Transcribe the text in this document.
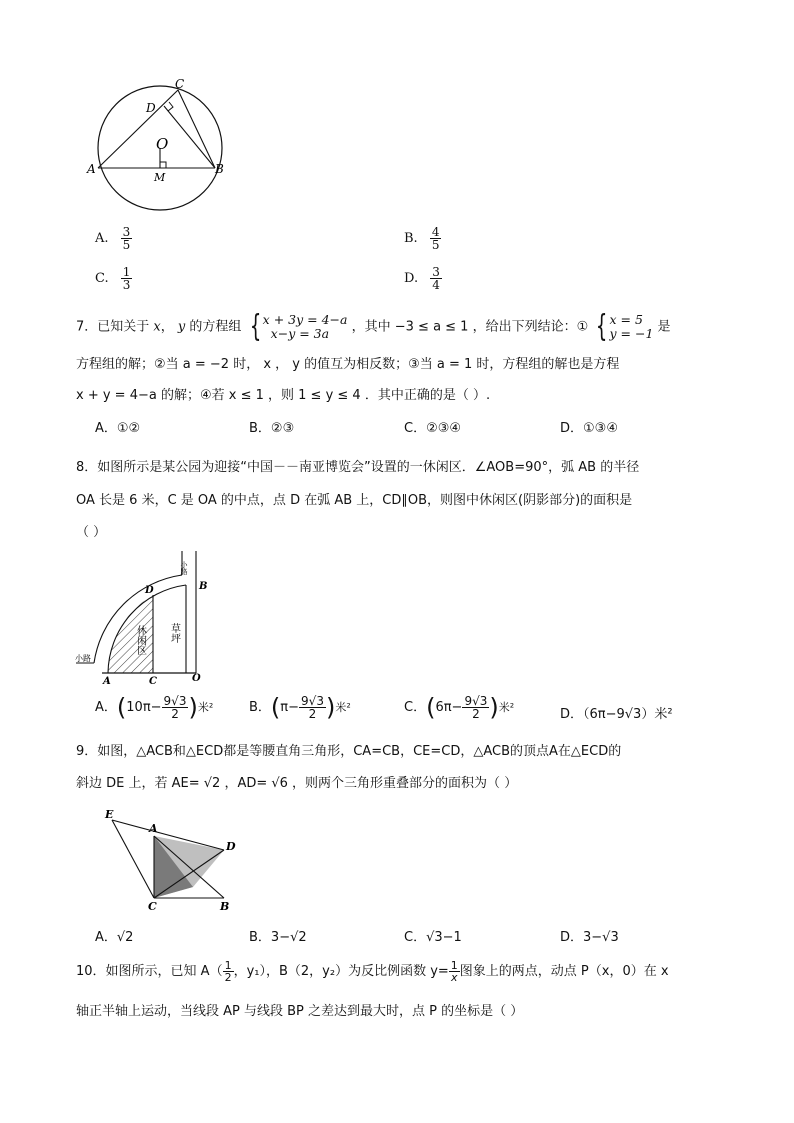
C
D
O
A
M
B
A. $\frac{3}{5}$	B. $\frac{4}{5}$
C. $\frac{1}{3}$	D. $\frac{3}{4}$
7．已知关于 x， y 的方程组 { x + 3y = 4−a
x−y = 3a	，其中 −3 ≤ a ≤ 1 ，给出下列结论：① { x = 5
y = −1 是
方程组的解；②当 a = −2 时， x ， y 的值互为相反数；③当 a = 1 时，方程组的解也是方程
x + y = 4−a 的解；④若 x ≤ 1 ，则 1 ≤ y ≤ 4 ．其中正确的是（ ）.
A．①②	B．②③	C．②③④	D．①③④
8．如图所示是某公园为迎接“中国－－南亚博览会”设置的一休闲区．∠AOB=90°，弧 AB 的半径
OA 长是 6 米，C 是 OA 的中点，点 D 在弧 AB 上，CD∥OB，则图中休闲区(阴影部分)的面积是
（ ）
小路
小路
休闲区 草坪
A	C	O
B
D
A．($10\pi- \frac{9√3}{2}$ )米²	B．($\pi- \frac{9√3}{2}$ )米²	C．($6\pi- \frac{9√3}{2}$ )米²	D．（6π−9√3）米²
9．如图，△ACB和△ECD都是等腰直角三角形，CA=CB，CE=CD，△ACB的顶点A在△ECD的
斜边 DE 上，若 AE= √2 ，AD= √6 ，则两个三角形重叠部分的面积为（ ）
E
A
D
C	B
A．√2	B．3−√2	C．√3−1	D．3−√3
10．如图所示，已知 $A( \frac{1}{2}$ ，y₁），B（2，y₂）为反比例函数 $y= \frac{1}{x}$ 图象上的两点，动点 P（x，0）在 x
轴正半轴上运动，当线段 AP 与线段 BP 之差达到最大时，点 P 的坐标是（ ）
